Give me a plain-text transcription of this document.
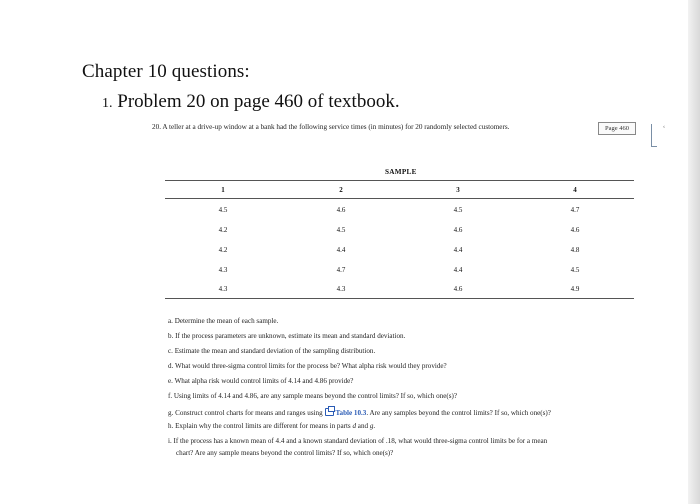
Chapter 10 questions:
1. Problem 20 on page 460 of textbook.
20. A teller at a drive-up window at a bank had the following service times (in minutes) for 20 randomly selected customers.	Page 460	‹
SAMPLE
1	2	3	4
4.5	4.6	4.5	4.7
4.2	4.5	4.6	4.6
4.2	4.4	4.4	4.8
4.3	4.7	4.4	4.5
4.3	4.3	4.6	4.9
a. Determine the mean of each sample.
b. If the process parameters are unknown, estimate its mean and standard deviation.
c. Estimate the mean and standard deviation of the sampling distribution.
d. What would three-sigma control limits for the process be? What alpha risk would they provide?
e. What alpha risk would control limits of 4.14 and 4.86 provide?
f. Using limits of 4.14 and 4.86, are any sample means beyond the control limits? If so, which one(s)?
g. Construct control charts for means and ranges using Table 10.3. Are any samples beyond the control limits? If so, which one(s)?
h. Explain why the control limits are different for means in parts d and g.
i. If the process has a known mean of 4.4 and a known standard deviation of .18, what would three-sigma control limits be for a mean
chart? Are any sample means beyond the control limits? If so, which one(s)?
